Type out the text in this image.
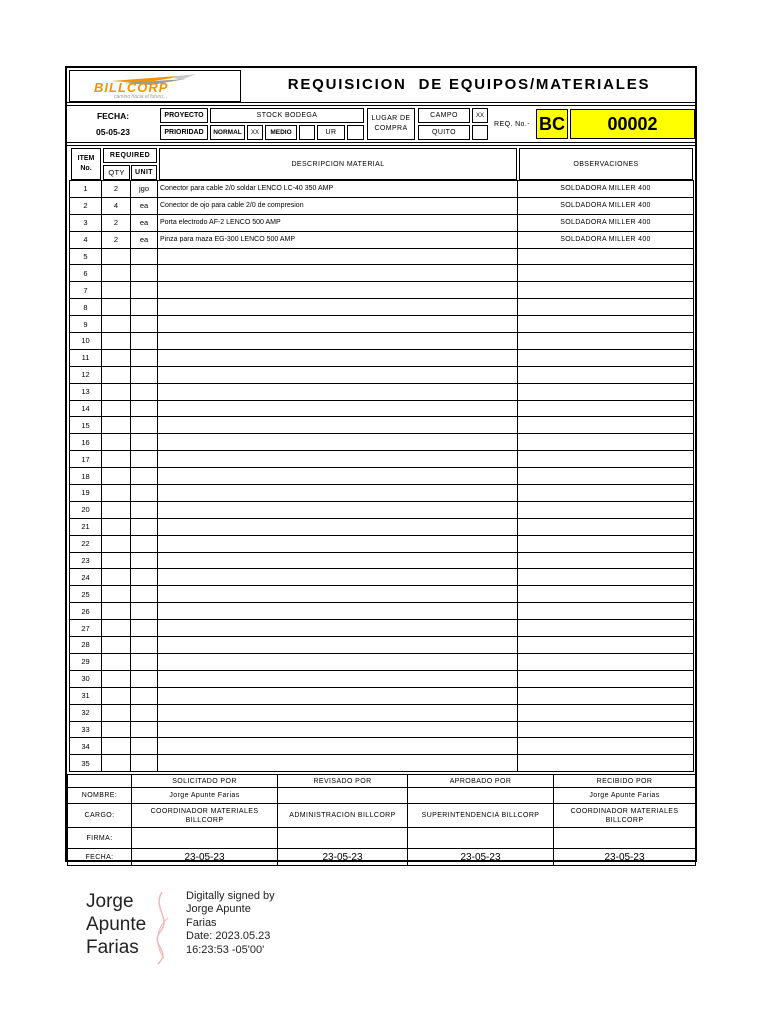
BILLCORP
camino hacia el futuro...
REQUISICION  DE EQUIPOS/MATERIALES
FECHA:
05-05-23
PROYECTO	STOCK BODEGA
PRIORIDAD	NORMAL	XX	MEDIO	UR
LUGAR DE COMPRA
CAMPO	XX
QUITO
REQ. No.- BC	00002
ITEM No.
REQUIRED
QTY	UNIT
DESCRIPCION MATERIAL	OBSERVACIONES
1	2	jgo	Conector para cable 2/0 soldar LENCO LC-40 350 AMP	SOLDADORA MILLER 400
2	4	ea	Conector de ojo para cable 2/0 de compresion	SOLDADORA MILLER 400
3	2	ea	Porta electrodo AF-2 LENCO 500 AMP	SOLDADORA MILLER 400
4	2	ea	Pinza para maza EG-300 LENCO 500 AMP	SOLDADORA MILLER 400
5				
6				
7				
8				
9				
10				
11				
12				
13				
14				
15				
16				
17				
18				
19				
20				
21				
22				
23				
24				
25				
26				
27				
28				
29				
30				
31				
32				
33				
34				
35				
	SOLICITADO POR	REVISADO POR	APROBADO POR	RECIBIDO POR
NOMBRE:	Jorge Apunte Farias			Jorge Apunte Farias
CARGO:	COORDINADOR MATERIALES BILLCORP	ADMINISTRACION BILLCORP	SUPERINTENDENCIA BILLCORP	COORDINADOR MATERIALES BILLCORP
FIRMA:				
FECHA:	23-05-23	23-05-23	23-05-23	23-05-23
Jorge
Apunte
Farias
Digitally signed by
Jorge Apunte
Farias
Date: 2023.05.23
16:23:53 -05'00'
